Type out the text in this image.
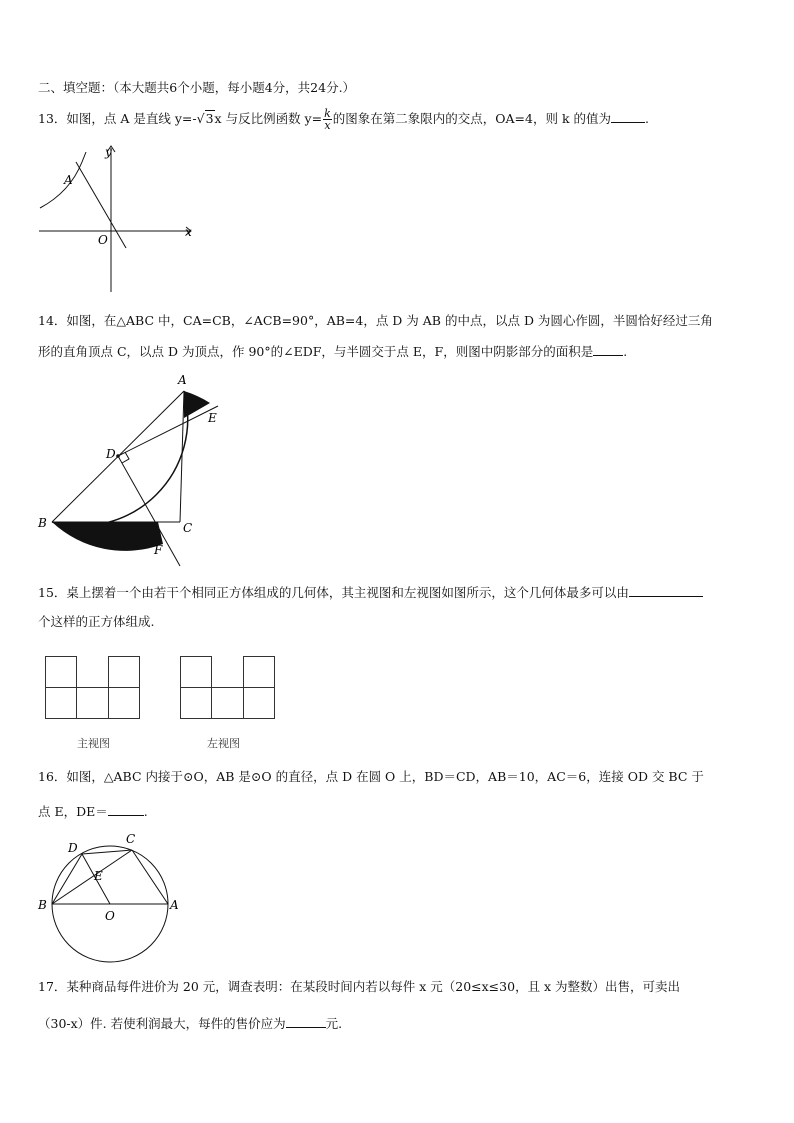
二、填空题：（本大题共6个小题，每小题4分，共24分.）
13．如图，点 A 是直线 y=-√3x 与反比例函数 $y= \frac{k}{x}$ 的图象在第二象限内的交点，OA=4，则 k 的值为	.
y
x
A
O
14．如图，在△ABC 中，CA=CB，∠ACB=90°，AB=4，点 D 为 AB 的中点，以点 D 为圆心作圆，半圆恰好经过三角
形的直角顶点 C，以点 D 为顶点，作 90°的∠EDF，与半圆交于点 E，F，则图中阴影部分的面积是 .
A
E
D
B	C
F
15．桌上摆着一个由若干个相同正方体组成的几何体，其主视图和左视图如图所示，这个几何体最多可以由
个这样的正方体组成.
主视图	左视图
16．如图，△ABC 内接于⊙O，AB 是⊙O 的直径，点 D 在圆 O 上，BD＝CD，AB＝10，AC＝6，连接 OD 交 BC 于
点 E，DE＝	.
C
D
E
B
O
A
17．某种商品每件进价为 20 元，调查表明：在某段时间内若以每件 x 元（20≤x≤30，且 x 为整数）出售，可卖出
（30-x）件. 若使利润最大，每件的售价应为	元.
